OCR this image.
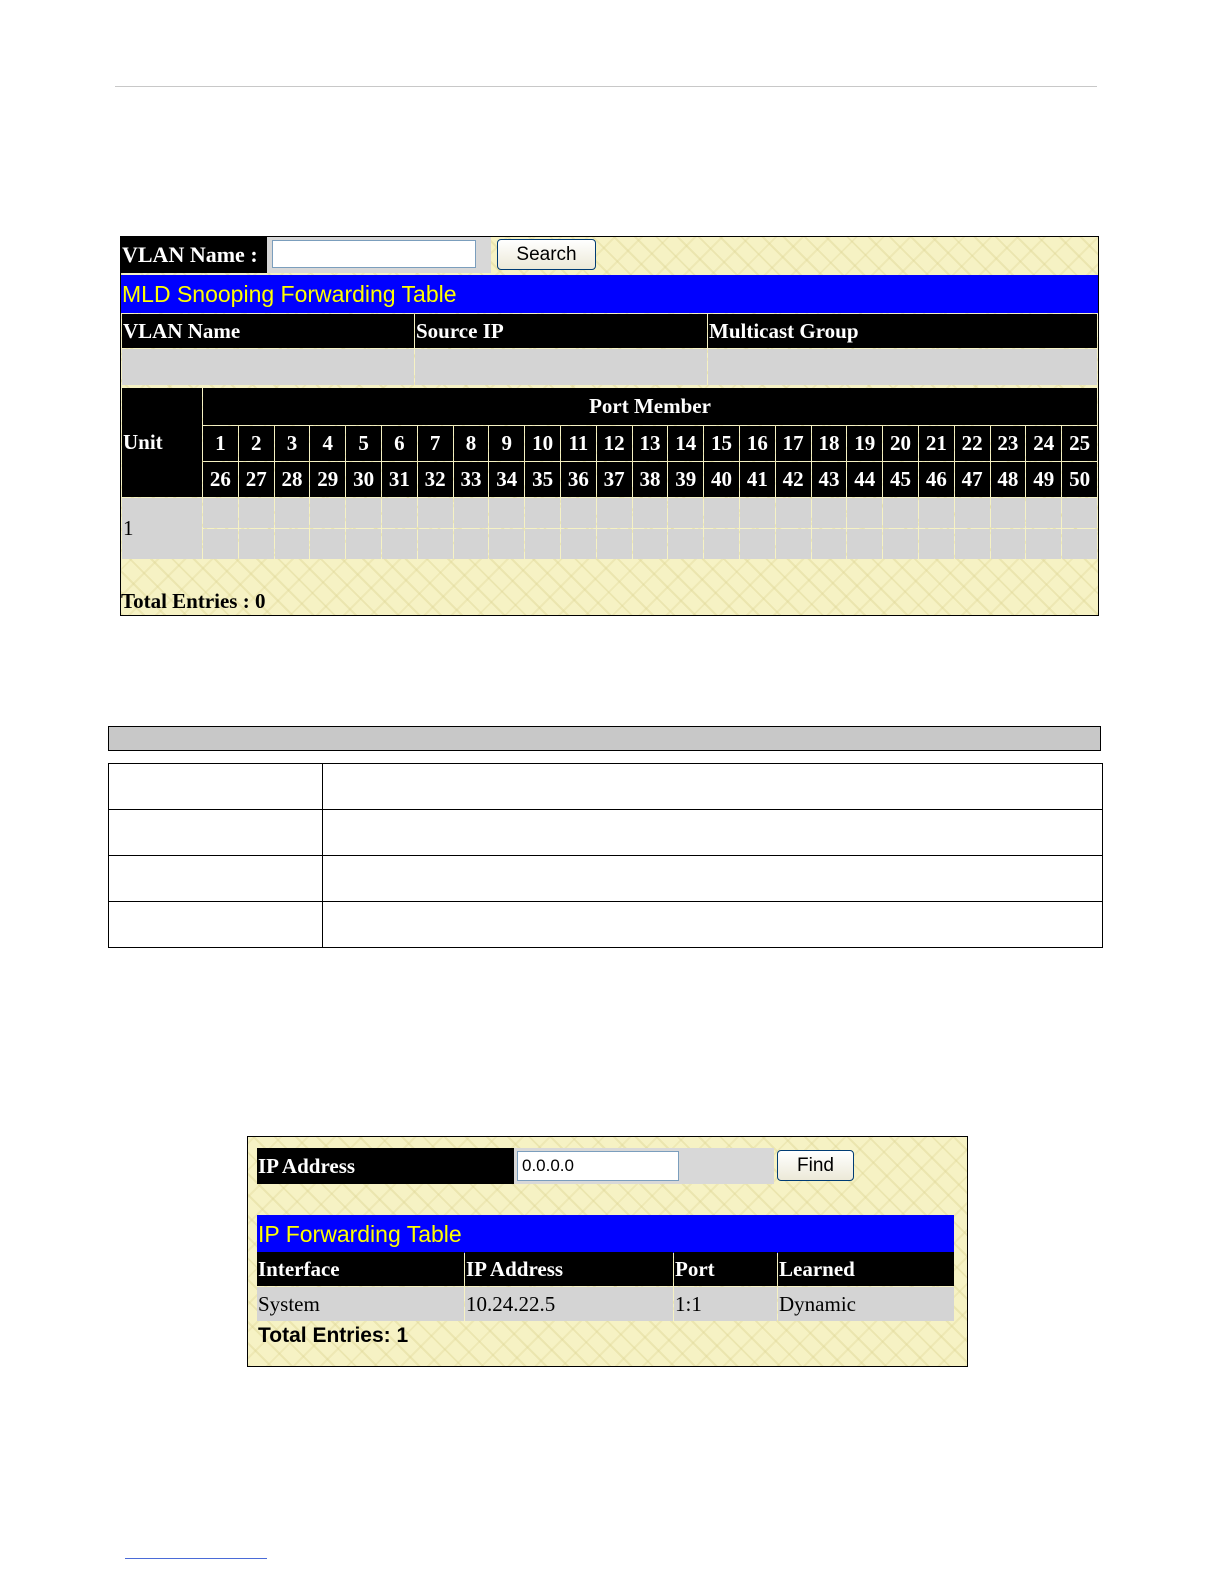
VLAN Name :	Search
MLD Snooping Forwarding Table
VLAN Name	Source IP	Multicast Group

Unit	Port Member																								
	1	2	3	4	5	6	7	8	9	10	11	12	13	14	15	16	17	18	19	20	21	22	23	24	25
	26	27	28	29	30	31	32	33	34	35	36	37	38	39	40	41	42	43	44	45	46	47	48	49	50
1																									

Total Entries : 0

IP Address
0.0.0.0	Find
IP Forwarding Table
Interface	IP Address	Port	Learned
System	10.24.22.5	1:1	Dynamic
Total Entries: 1
